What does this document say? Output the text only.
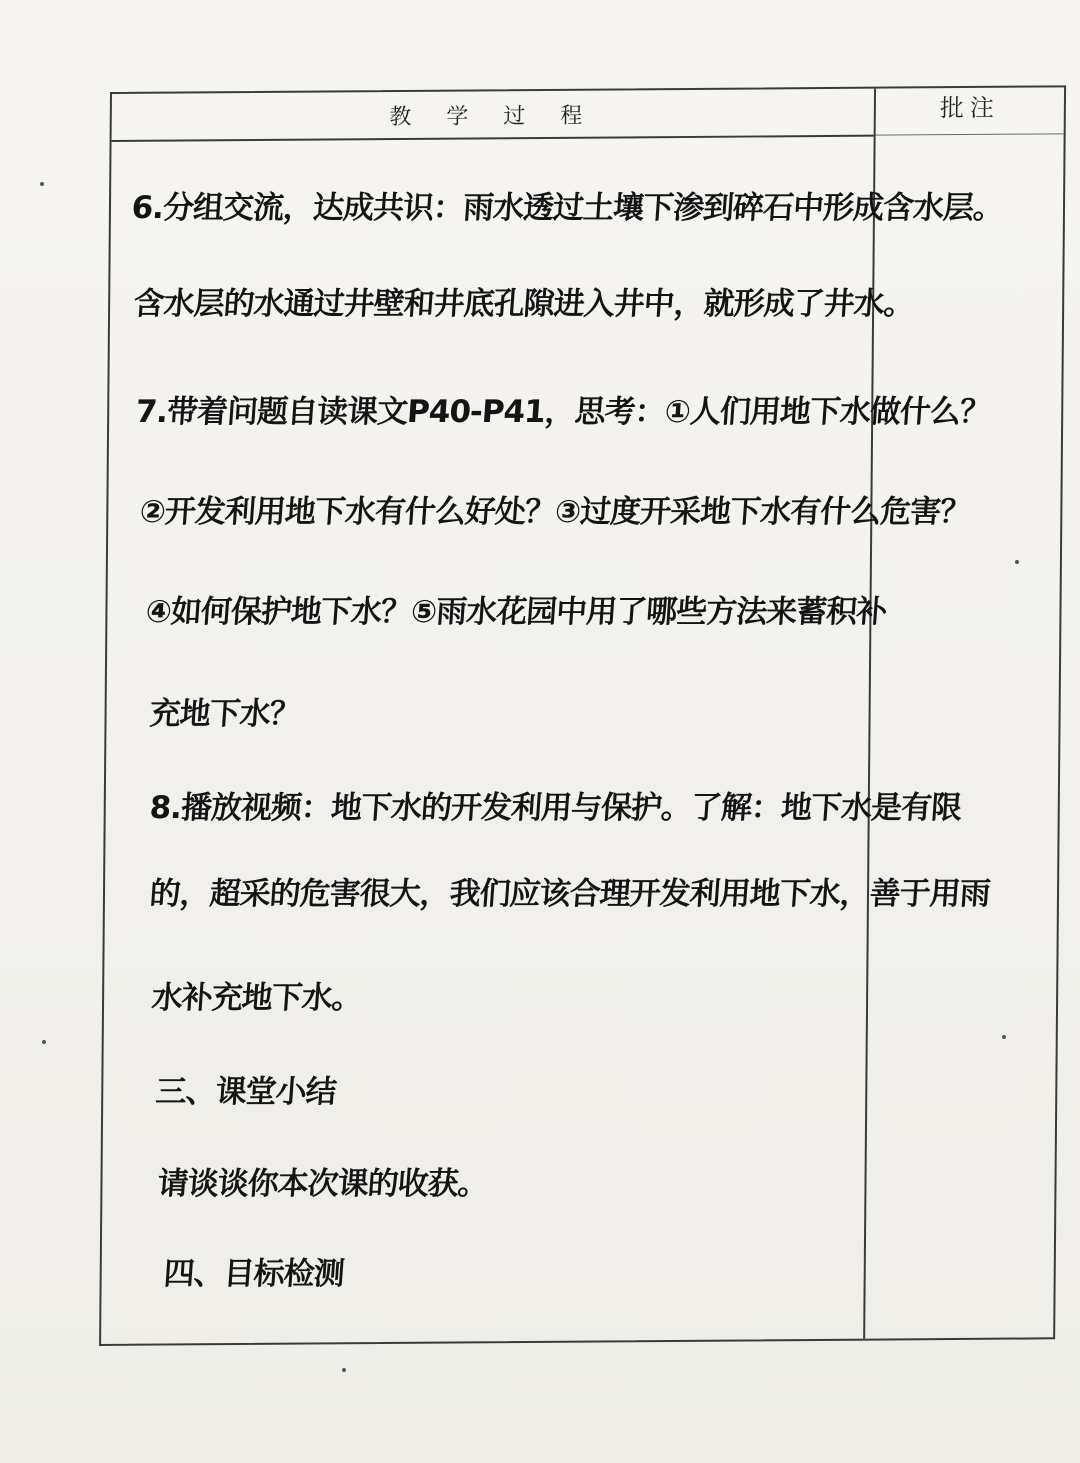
教 学 过 程	批注
6.分组交流，达成共识：雨水透过土壤下渗到碎石中形成含水层。
含水层的水通过井壁和井底孔隙进入井中，就形成了井水。
7.带着问题自读课文P40-P41，思考：①人们用地下水做什么？
②开发利用地下水有什么好处？③过度开采地下水有什么危害？
④如何保护地下水？⑤雨水花园中用了哪些方法来蓄积补
充地下水？
8.播放视频：地下水的开发利用与保护。了解：地下水是有限
的，超采的危害很大，我们应该合理开发利用地下水，善于用雨
水补充地下水。
三、课堂小结
请谈谈你本次课的收获。
四、目标检测
